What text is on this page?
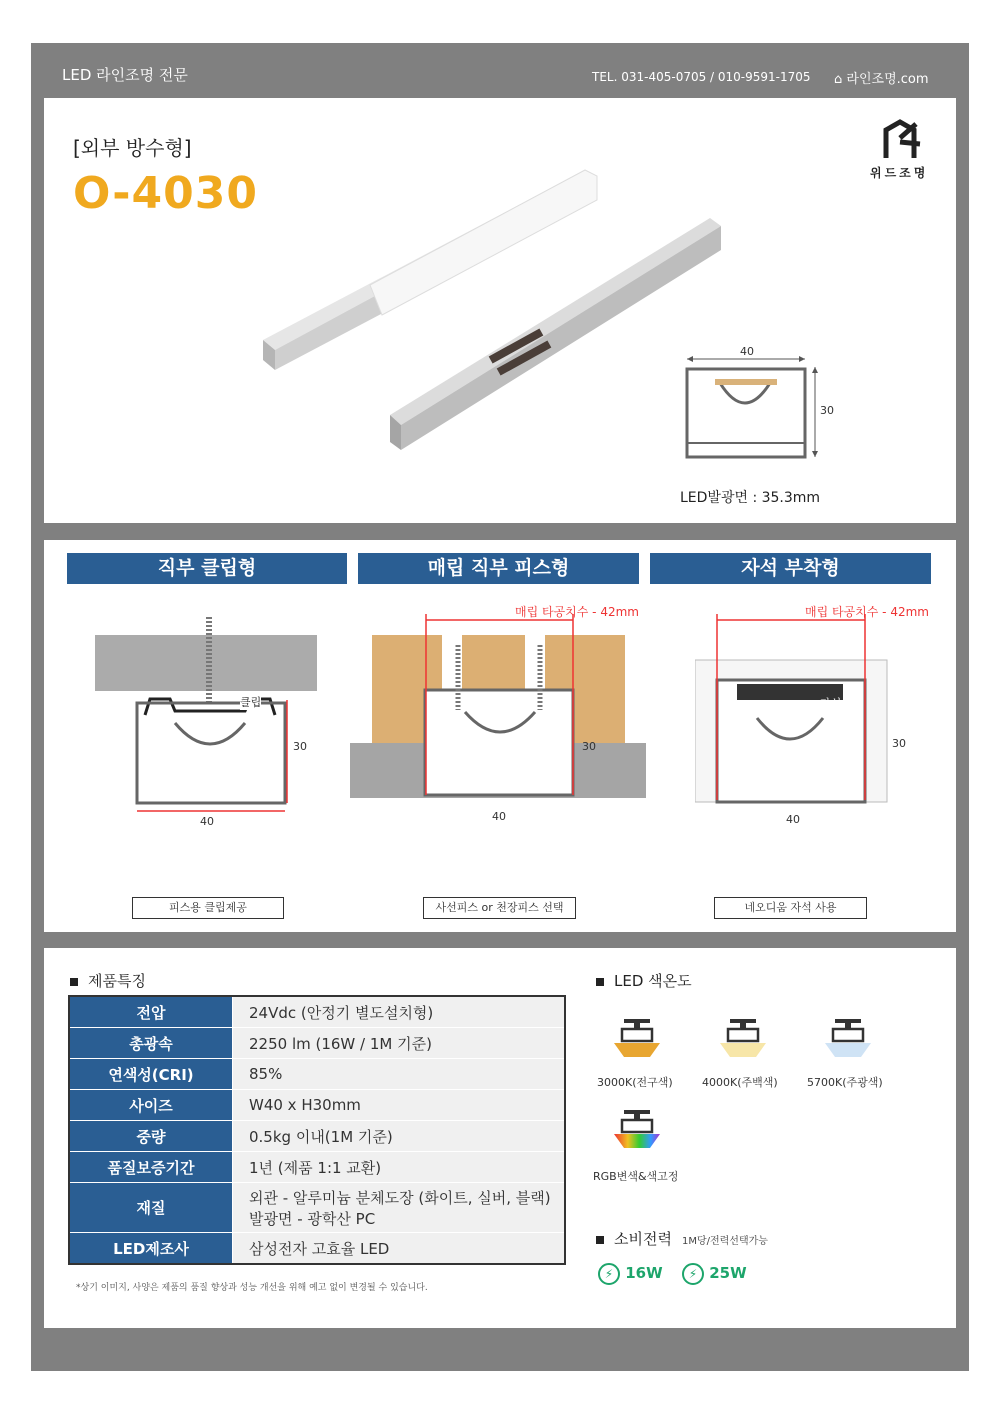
LED 라인조명 전문	TEL. 031-405-0705 / 010-9591-1705 ⌂ 라인조명.com
[외부 방수형]
O-4030	위드조명
40
30
LED발광면 : 35.3mm
직부 클립형	매립 직부 피스형	자석 부착형
클립
30
40
매립 타공치수 - 42mm
30
40
매립 타공치수 - 42mm
자석
30
40
피스용 클립제공	사선피스 or 천장피스 선택	네오디움 자석 사용
제품특징
전압	24Vdc (안정기 별도설치형)
총광속	2250 lm (16W / 1M 기준)
연색성(CRI)	85%
사이즈	W40 x H30mm
중량	0.5kg 이내(1M 기준)
품질보증기간	1년 (제품 1:1 교환)
재질	외관 - 알루미늄 분체도장 (화이트, 실버, 블랙)
발광면 - 광학산 PC

LED제조사	삼성전자 고효율 LED
*상기 이미지, 사양은 제품의 품질 향상과 성능 개선을 위해 예고 없이 변경될 수 있습니다.
LED 색온도
3000K(전구색)	4000K(주백색)	5700K(주광색)
RGB변색&색고정
소비전력 1M당/전력선택가능
⚡ 16W	⚡ 25W
